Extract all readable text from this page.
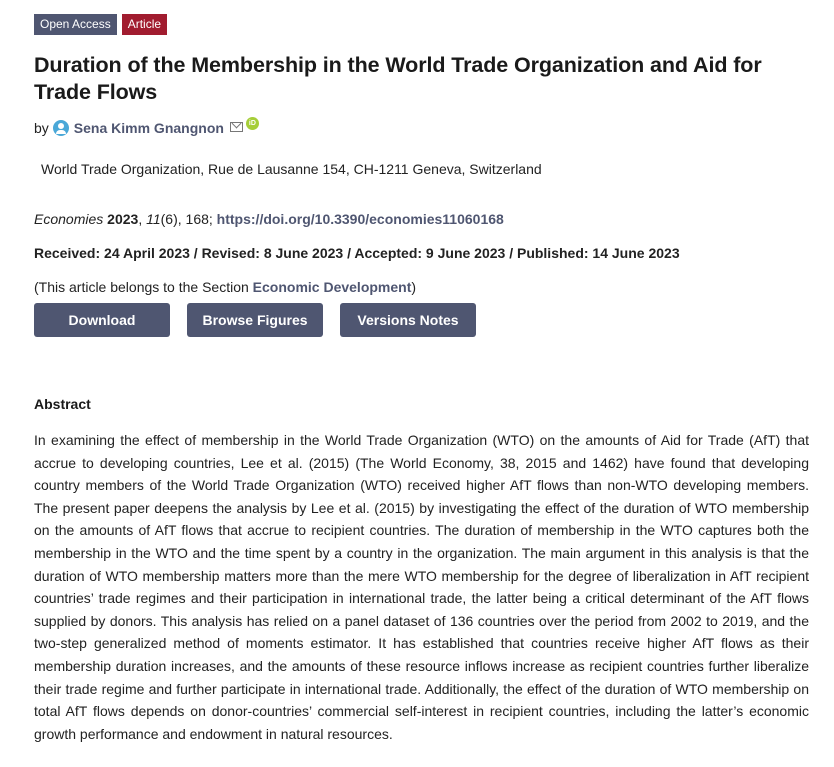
Open Access	Article
Duration of the Membership in the World Trade Organization and Aid for Trade Flows
by Sena Kimm Gnangnon	iD
World Trade Organization, Rue de Lausanne 154, CH-1211 Geneva, Switzerland
Economies 2023, 11(6), 168; https://doi.org/10.3390/economies11060168
Received: 24 April 2023 / Revised: 8 June 2023 / Accepted: 9 June 2023 / Published: 14 June 2023
(This article belongs to the Section Economic Development)
Download	Browse Figures	Versions Notes
Abstract
In examining the effect of membership in the World Trade Organization (WTO) on the amounts of Aid for Trade (AfT) that accrue to developing countries, Lee et al. (2015) (The World Economy, 38, 2015 and 1462) have found that developing country members of the World Trade Organization (WTO) received higher AfT flows than non-WTO developing members. The present paper deepens the analysis by Lee et al. (2015) by investigating the effect of the duration of WTO membership on the amounts of AfT flows that accrue to recipient countries. The duration of membership in the WTO captures both the membership in the WTO and the time spent by a country in the organization. The main argument in this analysis is that the duration of WTO membership matters more than the mere WTO membership for the degree of liberalization in AfT recipient countries’ trade regimes and their participation in international trade, the latter being a critical determinant of the AfT flows supplied by donors. This analysis has relied on a panel dataset of 136 countries over the period from 2002 to 2019, and the two-step generalized method of moments estimator. It has established that countries receive higher AfT flows as their membership duration increases, and the amounts of these resource inflows increase as recipient countries further liberalize their trade regime and further participate in international trade. Additionally, the effect of the duration of WTO membership on total AfT flows depends on donor-countries’ commercial self-interest in recipient countries, including the latter’s economic growth performance and endowment in natural resources.
